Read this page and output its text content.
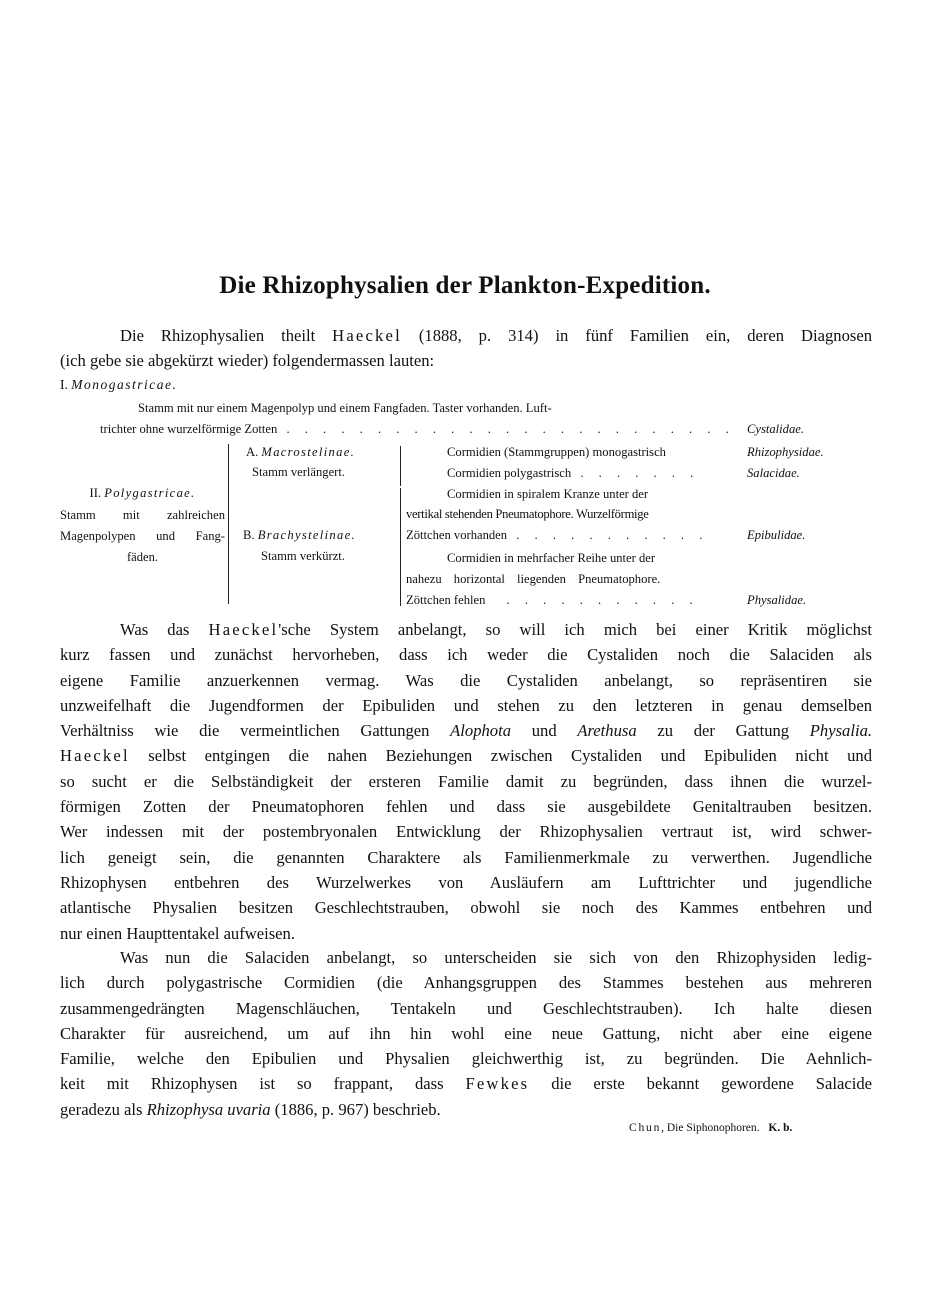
Die Rhizophysalien der Plankton-Expedition.
Die Rhizophysalien theilt Haeckel (1888, p. 314) in fünf Familien ein, deren Diagnosen
(ich gebe sie abgekürzt wieder) folgendermassen lauten:
I. Monogastricae.
Stamm mit nur einem Magenpolyp und einem Fangfaden. Taster vorhanden. Luft-
trichter ohne wurzelförmige Zotten . . . . . . . . . . . . . . . . . . . . . . . . . Cystalidae.
II. Polygastricae.
Stamm mit zahlreichen
Magenpolypen und Fang-
fäden.
A. Macrostelinae.
Stamm verlängert.
Cormidien (Stammgruppen) monogastrisch	Rhizophysidae.
Cormidien polygastrisch . . . . . . .	Salacidae.
B. Brachystelinae.
Stamm verkürzt.
Cormidien in spiralem Kranze unter der
vertikal stehenden Pneumatophore. Wurzelförmige
Zöttchen vorhanden . . . . . . . . . . .	Epibulidae.
Cormidien in mehrfacher Reihe unter der
nahezu horizontal liegenden Pneumatophore.
Zöttchen fehlen . . . . . . . . . . .	Physalidae.
Was das Haeckel'sche System anbelangt, so will ich mich bei einer Kritik möglichst
kurz fassen und zunächst hervorheben, dass ich weder die Cystaliden noch die Salaciden als
eigene Familie anzuerkennen vermag. Was die Cystaliden anbelangt, so repräsentiren sie
unzweifelhaft die Jugendformen der Epibuliden und stehen zu den letzteren in genau demselben
Verhältniss wie die vermeintlichen Gattungen Alophota und Arethusa zu der Gattung Physalia.
Haeckel selbst entgingen die nahen Beziehungen zwischen Cystaliden und Epibuliden nicht und
so sucht er die Selbständigkeit der ersteren Familie damit zu begründen, dass ihnen die wurzel-
förmigen Zotten der Pneumatophoren fehlen und dass sie ausgebildete Genitaltrauben besitzen.
Wer indessen mit der postembryonalen Entwicklung der Rhizophysalien vertraut ist, wird schwer-
lich geneigt sein, die genannten Charaktere als Familienmerkmale zu verwerthen. Jugendliche
Rhizophysen entbehren des Wurzelwerkes von Ausläufern am Lufttrichter und jugendliche
atlantische Physalien besitzen Geschlechtstrauben, obwohl sie noch des Kammes entbehren und
nur einen Haupttentakel aufweisen.
Was nun die Salaciden anbelangt, so unterscheiden sie sich von den Rhizophysiden ledig-
lich durch polygastrische Cormidien (die Anhangsgruppen des Stammes bestehen aus mehreren
zusammengedrängten Magenschläuchen, Tentakeln und Geschlechtstrauben). Ich halte diesen
Charakter für ausreichend, um auf ihn hin wohl eine neue Gattung, nicht aber eine eigene
Familie, welche den Epibulien und Physalien gleichwerthig ist, zu begründen. Die Aehnlich-
keit mit Rhizophysen ist so frappant, dass Fewkes die erste bekannt gewordene Salacide
geradezu als Rhizophysa uvaria (1886, p. 967) beschrieb.
Chun, Die Siphonophoren. K. b.
